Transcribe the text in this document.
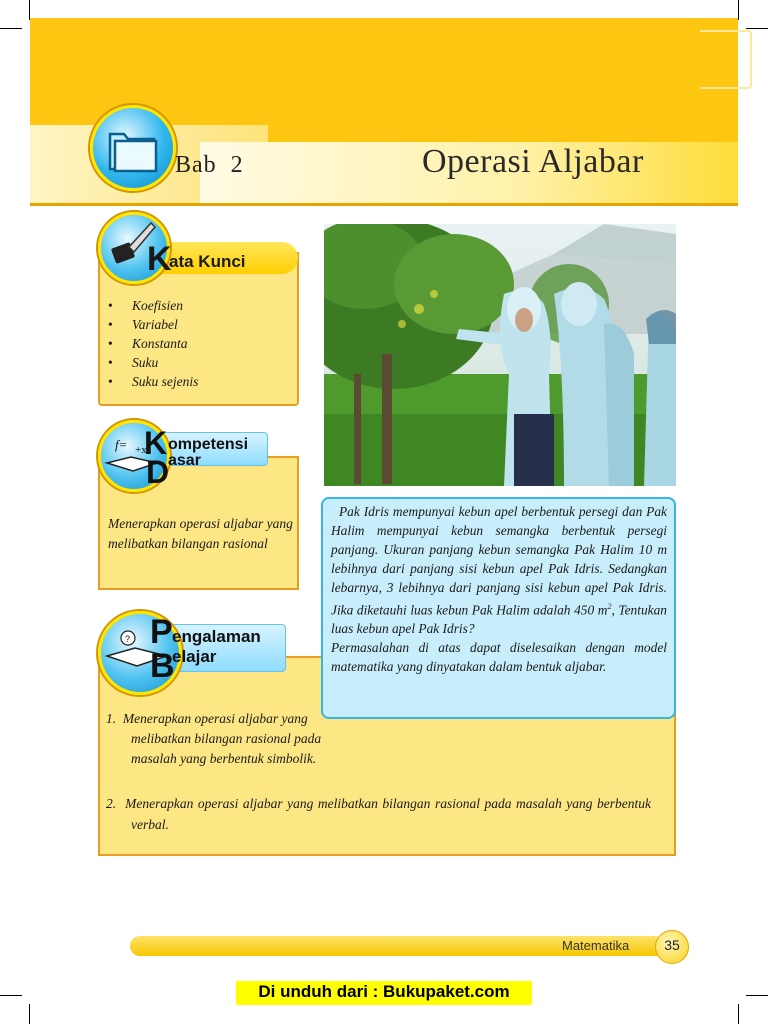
Bab  2	Operasi Aljabar
K
ata Kunci
• Koefisien
• Variabel
• Konstanta
• Suku
• Suku sejenis
f= +x
K
D
ompetensi
asar
Menerapkan operasi aljabar yang melibatkan bilangan rasional
? P
B
engalaman
elajar
1.  Menerapkan operasi aljabar yang melibatkan bilangan rasional pada masalah yang berbentuk simbolik.
2.  Menerapkan operasi aljabar yang melibatkan bilangan rasional pada masalah yang berbentuk verbal.
Pak Idris mempunyai kebun apel berbentuk persegi dan Pak Halim mempunyai kebun semangka berbentuk persegi panjang. Ukuran panjang kebun semangka Pak Halim 10 m lebihnya dari panjang sisi kebun apel Pak Idris. Sedangkan lebarnya, 3 lebihnya dari panjang sisi kebun apel Pak Idris. Jika diketauhi luas kebun Pak Halim adalah 450 $m^2$, Tentukan luas kebun apel Pak Idris?
Permasalahan di atas dapat diselesaikan dengan model matematika yang dinyatakan dalam bentuk aljabar.
Matematika	35
Di unduh dari : Bukupaket.com
